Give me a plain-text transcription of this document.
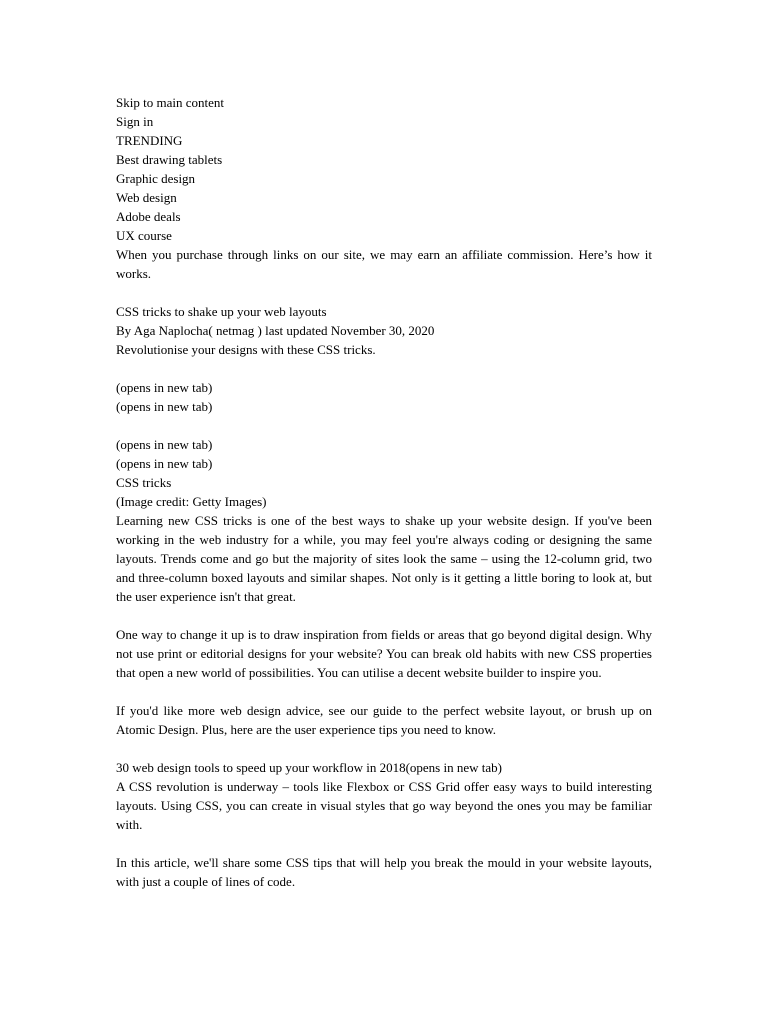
Skip to main content
Sign in
TRENDING
Best drawing tablets
Graphic design
Web design
Adobe deals
UX course
When you purchase through links on our site, we may earn an affiliate commission. Here’s how it works.
CSS tricks to shake up your web layouts
By Aga Naplocha( netmag ) last updated November 30, 2020
Revolutionise your designs with these CSS tricks.
(opens in new tab)
(opens in new tab)
(opens in new tab)
(opens in new tab)
CSS tricks
(Image credit: Getty Images)
Learning new CSS tricks is one of the best ways to shake up your website design. If you've been working in the web industry for a while, you may feel you're always coding or designing the same layouts. Trends come and go but the majority of sites look the same – using the 12-column grid, two and three-column boxed layouts and similar shapes. Not only is it getting a little boring to look at, but the user experience isn't that great.
One way to change it up is to draw inspiration from fields or areas that go beyond digital design. Why not use print or editorial designs for your website? You can break old habits with new CSS properties that open a new world of possibilities. You can utilise a decent website builder to inspire you.
If you'd like more web design advice, see our guide to the perfect website layout, or brush up on Atomic Design. Plus, here are the user experience tips you need to know.
30 web design tools to speed up your workflow in 2018(opens in new tab)
A CSS revolution is underway – tools like Flexbox or CSS Grid offer easy ways to build interesting layouts. Using CSS, you can create in visual styles that go way beyond the ones you may be familiar with.
In this article, we'll share some CSS tips that will help you break the mould in your website layouts, with just a couple of lines of code.
